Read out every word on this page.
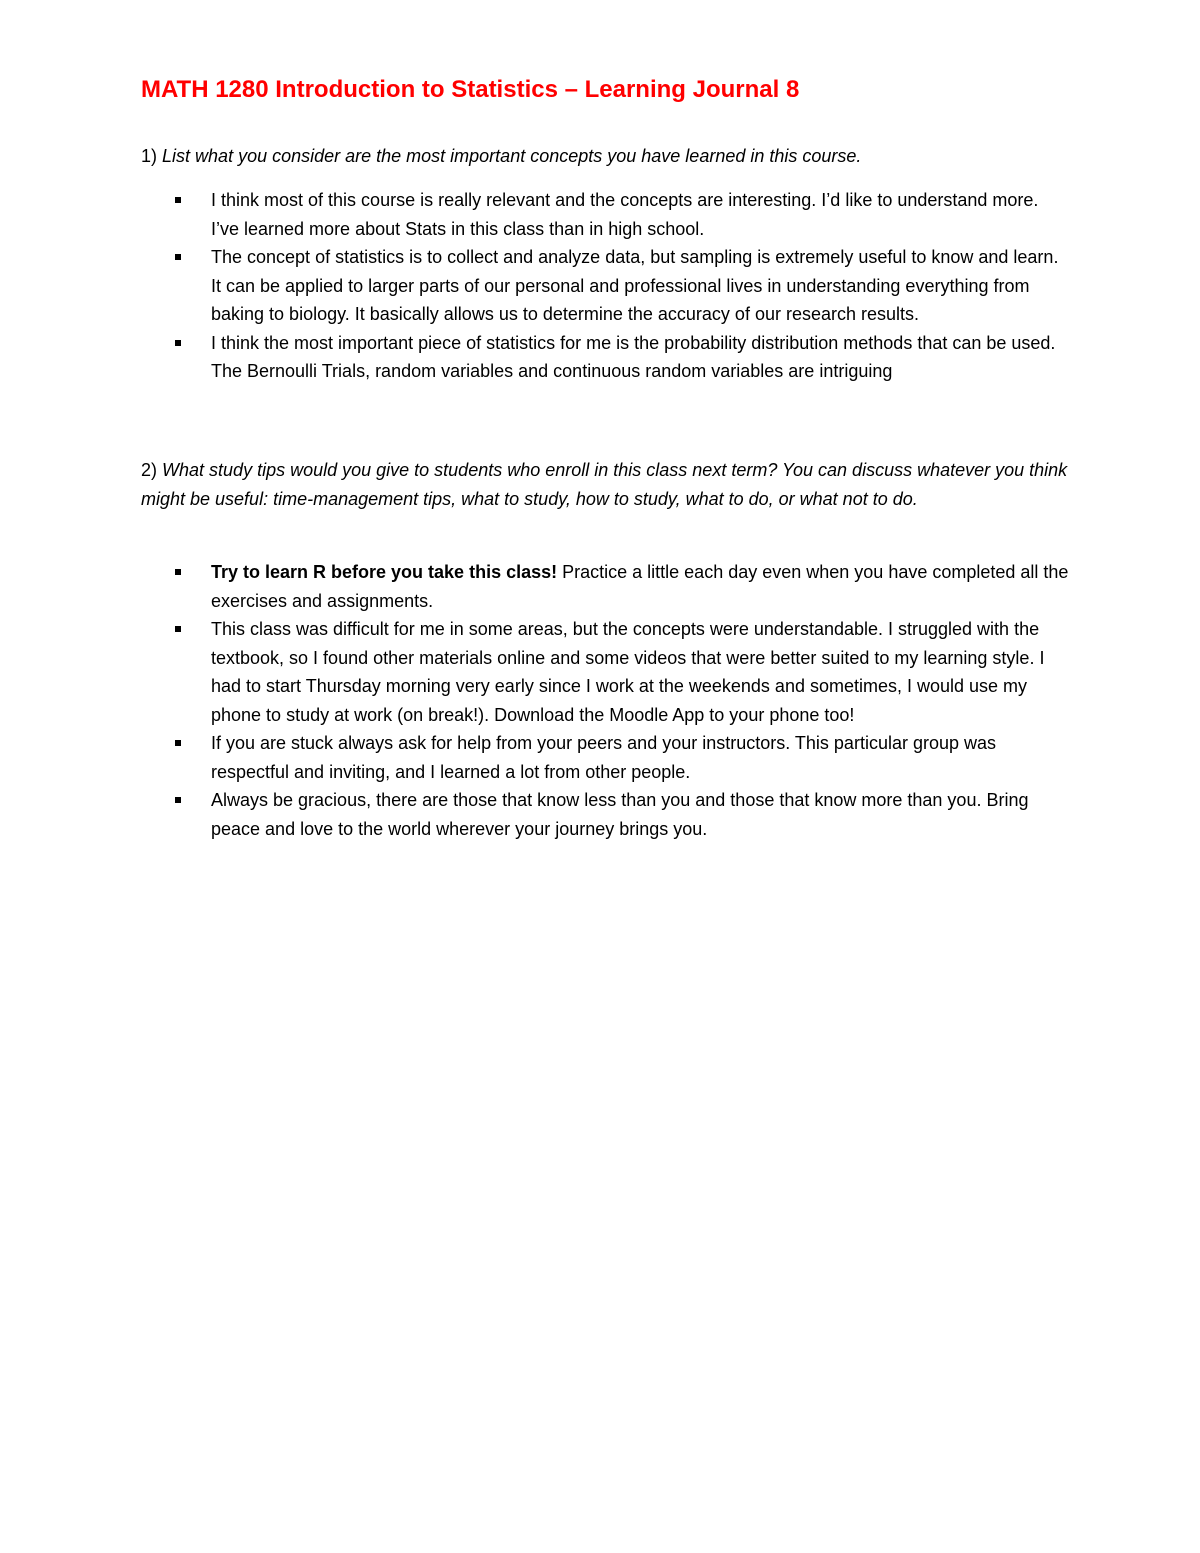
MATH 1280 Introduction to Statistics – Learning Journal 8
1) List what you consider are the most important concepts you have learned in this course.
I think most of this course is really relevant and the concepts are interesting. I’d like to understand more. I’ve learned more about Stats in this class than in high school.
The concept of statistics is to collect and analyze data, but sampling is extremely useful to know and learn. It can be applied to larger parts of our personal and professional lives in understanding everything from baking to biology. It basically allows us to determine the accuracy of our research results.
I think the most important piece of statistics for me is the probability distribution methods that can be used. The Bernoulli Trials, random variables and continuous random variables are intriguing
2) What study tips would you give to students who enroll in this class next term? You can discuss whatever you think might be useful: time-management tips, what to study, how to study, what to do, or what not to do.
Try to learn R before you take this class! Practice a little each day even when you have completed all the exercises and assignments.
This class was difficult for me in some areas, but the concepts were understandable. I struggled with the textbook, so I found other materials online and some videos that were better suited to my learning style. I had to start Thursday morning very early since I work at the weekends and sometimes, I would use my phone to study at work (on break!). Download the Moodle App to your phone too!
If you are stuck always ask for help from your peers and your instructors. This particular group was respectful and inviting, and I learned a lot from other people.
Always be gracious, there are those that know less than you and those that know more than you. Bring peace and love to the world wherever your journey brings you.
